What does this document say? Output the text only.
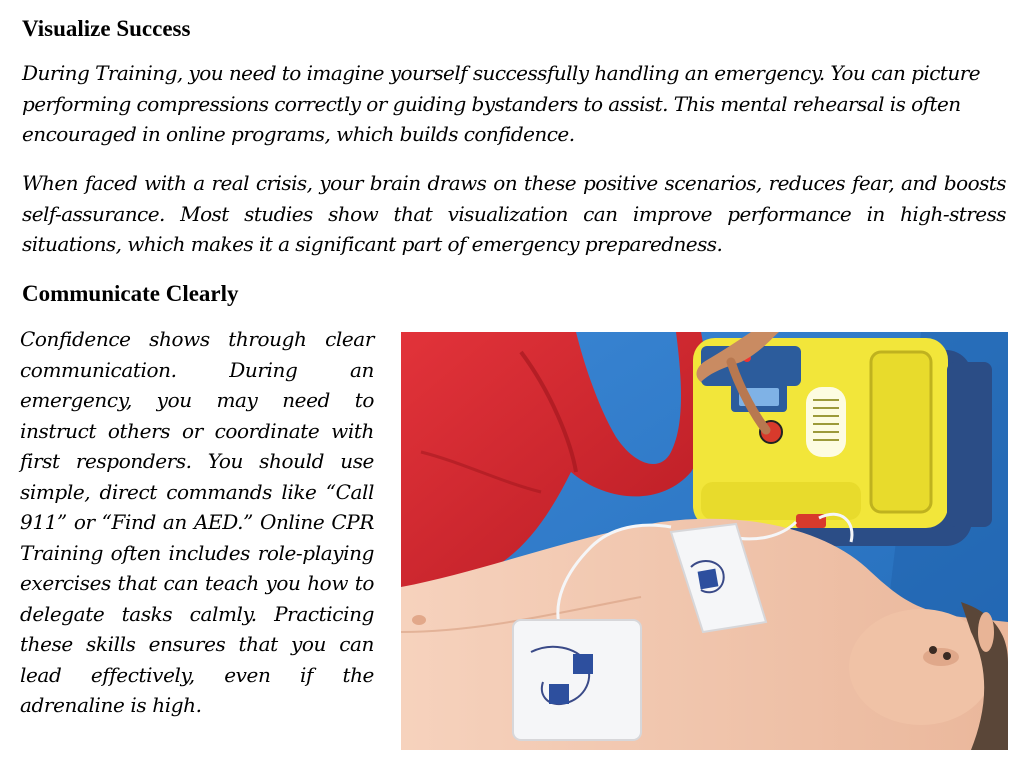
Visualize Success

During Training, you need to imagine yourself successfully handling an emergency. You can picture performing compressions correctly or guiding bystanders to assist. This mental rehearsal is often encouraged in online programs, which builds confidence.

When faced with a real crisis, your brain draws on these positive scenarios, reduces fear, and boosts self-assurance. Most studies show that visualization can improve performance in high-stress situations, which makes it a significant part of emergency preparedness.

Communicate Clearly

Confidence shows through clear communication. During an emergency, you may need to instruct others or coordinate with first responders. You should use simple, direct commands like “Call 911” or “Find an AED.” Online CPR Training often includes role-playing exercises that can teach you how to delegate tasks calmly. Practicing these skills ensures that you can lead effectively, even if the adrenaline is high.
